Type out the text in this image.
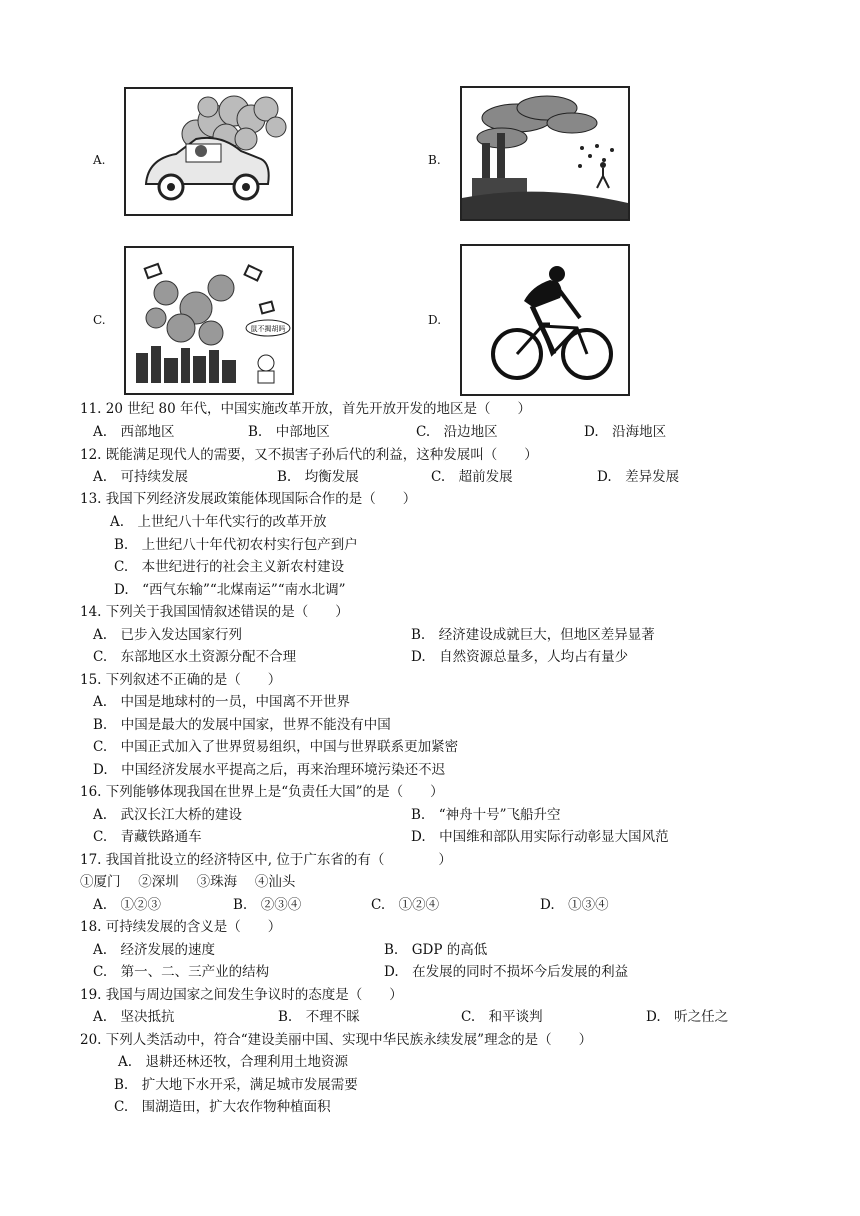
A.	B.
C.
鼠不揭胡吗
D.
11. 20 世纪 80 年代，中国实施改革开放，首先开放开发的地区是（　　）
A.　西部地区	B.　中部地区	C.　沿边地区	D.　沿海地区
12. 既能满足现代人的需要，又不损害子孙后代的利益，这种发展叫（　　）
A.　可持续发展	B.　均衡发展	C.　超前发展	D.　差异发展
13. 我国下列经济发展政策能体现国际合作的是（　　）
A.　上世纪八十年代实行的改革开放
B.　上世纪八十年代初农村实行包产到户
C.　本世纪进行的社会主义新农村建设
D.　“西气东输”“北煤南运”“南水北调”
14. 下列关于我国国情叙述错误的是（　　）
A.　已步入发达国家行列	B.　经济建设成就巨大，但地区差异显著
C.　东部地区水土资源分配不合理	D.　自然资源总量多，人均占有量少
15. 下列叙述不正确的是（　　）
A.　中国是地球村的一员，中国离不开世界
B.　中国是最大的发展中国家，世界不能没有中国
C.　中国正式加入了世界贸易组织，中国与世界联系更加紧密
D.　中国经济发展水平提高之后，再来治理环境污染还不迟
16. 下列能够体现我国在世界上是“负责任大国”的是（　　）
A.　武汉长江大桥的建设	B.　“神舟十号”飞船升空
C.　青藏铁路通车	D.　中国维和部队用实际行动彰显大国风范
17. 我国首批设立的经济特区中, 位于广东省的有（　　　　）
①厦门　 ②深圳　 ③珠海　 ④汕头
A.　①②③	B.　②③④	C.　①②④	D.　①③④
18. 可持续发展的含义是（　　）
A.　经济发展的速度	B.　GDP 的高低
C.　第一、二、三产业的结构	D.　在发展的同时不损坏今后发展的利益
19. 我国与周边国家之间发生争议时的态度是（　　）
A.　坚决抵抗	B.　不理不睬	C.　和平谈判	D.　听之任之
20. 下列人类活动中，符合“建设美丽中国、实现中华民族永续发展”理念的是（　　）
A.　退耕还林还牧，合理利用土地资源
B.　扩大地下水开采，满足城市发展需要
C.　围湖造田，扩大农作物种植面积
